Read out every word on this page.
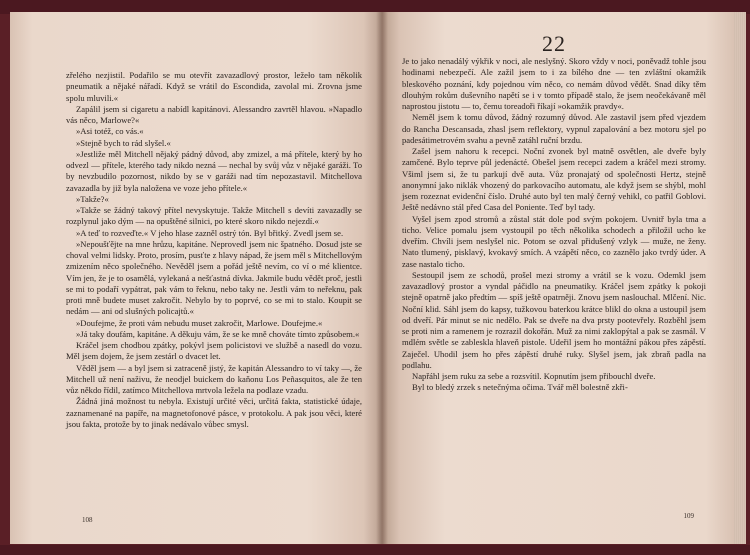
zřelého nezjistil. Podařilo se mu otevřít zavazadlový prostor, ležeło tam několik pneumatik a nějaké nářadí. Když se vrátil do Escondida, zavolal mi. Zrovna jsme spolu mluvili.«

Zapálil jsem si cigaretu a nabídl kapitánovi. Alessandro zavrtěl hlavou. »Napadlo vás něco, Marlowe?«

»Asi totéž, co vás.«

»Stejně bych to rád slyšel.«

»Jestliže měl Mitchell nějaký pádný důvod, aby zmizel, a má přítele, který by ho odvezl — přítele, kterého tady nikdo nezná — nechal by svůj vůz v nějaké garáži. To by nevzbudilo pozornost, nikdo by se v garáži nad tím nepozastavil. Mitchellova zavazadla by již byla naložena ve voze jeho přítele.«

»Takže?«

»Takže se žádný takový přítel nevyskytuje. Takže Mitchell s devíti zavazadly se rozplynul jako dým — na opuštěné silnici, po které skoro nikdo nejezdí.«

»A teď to rozveďte.« V jeho hlase zazněl ostrý tón. Byl břitký. Zvedl jsem se.

»Nepoušťějte na mne hrůzu, kapitáne. Neprovedl jsem nic špatného. Dosud jste se choval velmi lidsky. Proto, prosím, pusťte z hlavy nápad, že jsem měl s Mitchellovým zmizením něco společného. Nevěděl jsem a pořád ještě nevím, co ví o mé klientce. Vím jen, že je to osamělá, vylekaná a nešťastná dívka. Jakmile budu vědět proč, jestli se mi to podaří vypátrat, pak vám to řeknu, nebo taky ne. Jestli vám to neřeknu, pak proti mně budete muset zakročit. Nebylo by to poprvé, co se mi to stalo. Koupit se nedám — ani od slušných policajtů.«

»Doufejme, že proti vám nebudu muset zakročit, Marlowe. Doufejme.«

»Já taky doufám, kapitáne. A děkuju vám, že se ke mně chováte tímto způsobem.«

Kráčel jsem chodbou zpátky, pokývl jsem policistovi ve službě a nasedl do vozu. Měl jsem dojem, že jsem zestárl o dvacet let.

Věděl jsem — a byl jsem si zatraceně jistý, že kapitán Alessandro to ví taky —, že Mitchell už není naživu, že neodjel buickem do kaňonu Los Peñasquitos, ale že ten vůz někdo řídil, zatímco Mitchellova mrtvola ležela na podlaze vzadu.

Žádná jiná možnost tu nebyla. Existují určité věci, určitá fakta, statistické údaje, zaznamenané na papíře, na magnetofonové pásce, v protokolu. A pak jsou věci, které jsou fakta, protože by to jinak nedávalo vůbec smysl.

108
22

Je to jako nenadálý výkřik v noci, ale neslyšný. Skoro vždy v noci, poněvadž tohle jsou hodinami nebezpečí. Ale zažil jsem to i za bílého dne — ten zvláštní okamžik bleskového poznání, kdy pojednou vím něco, co nemám důvod vědět. Snad díky těm dlouhým rokům duševního napětí se i v tomto případě stalo, že jsem neočekávaně měl naprostou jistotu — to, čemu toreadoři říkají »okamžik pravdy«.

Neměl jsem k tomu důvod, žádný rozumný důvod. Ale zastavil jsem před vjezdem do Rancha Descansada, zhasl jsem reflektory, vypnul zapalování a bez motoru sjel po padesátimetrovém svahu a pevně zatáhl ruční brzdu.

Zašel jsem nahoru k recepci. Noční zvonek byl matně osvětlen, ale dveře byly zamčené. Bylo teprve půl jedenácté. Obešel jsem recepci zadem a kráčel mezi stromy. Všiml jsem si, že tu parkují dvě auta. Vůz pronajatý od společnosti Hertz, stejně anonymní jako niklák vhozený do parkovacího automatu, ale když jsem se shýbl, mohl jsem rozeznat evidenční číslo. Druhé auto byl ten malý černý vehikl, co patřil Goblovi. Ještě nedávno stál před Casa del Poniente. Teď byl tady.

Vyšel jsem zpod stromů a zůstal stát dole pod svým pokojem. Uvnitř byla tma a ticho. Velice pomalu jsem vystoupil po těch několika schodech a přiložil ucho ke dveřím. Chvíli jsem neslyšel nic. Potom se ozval přidušený vzlyk — muže, ne ženy. Nato tlumený, pisklavý, kvokavý smích. A vzápětí něco, co zaznělo jako tvrdý úder. A zase nastalo ticho.

Sestoupil jsem ze schodů, prošel mezi stromy a vrátil se k vozu. Odemkl jsem zavazadlový prostor a vyndal páčidlo na pneumatiky. Kráčel jsem zpátky k pokoji stejně opatrně jako předtím — spíš ještě opatrněji. Znovu jsem naslouchal. Mlčení. Nic. Noční klid. Sáhl jsem do kapsy, tužkovou baterkou krátce blikl do okna a ustoupil jsem od dveří. Pár minut se nic nedělo. Pak se dveře na dva prsty pootevřely. Rozběhl jsem se proti nim a ramenem je rozrazil dokořán. Muž za nimi zaklopýtal a pak se zasmál. V mdlém světle se zableskla hlaveň pistole. Udeřil jsem ho montážní pákou přes zápěstí. Zaječel. Uhodil jsem ho přes zápěstí druhé ruky. Slyšel jsem, jak zbraň padla na podlahu.

Napřáhl jsem ruku za sebe a rozsvítil. Kopnutím jsem přibouchl dveře.

Byl to bledý zrzek s netečnýma očima. Tvář měl bolestně zkři-

109
